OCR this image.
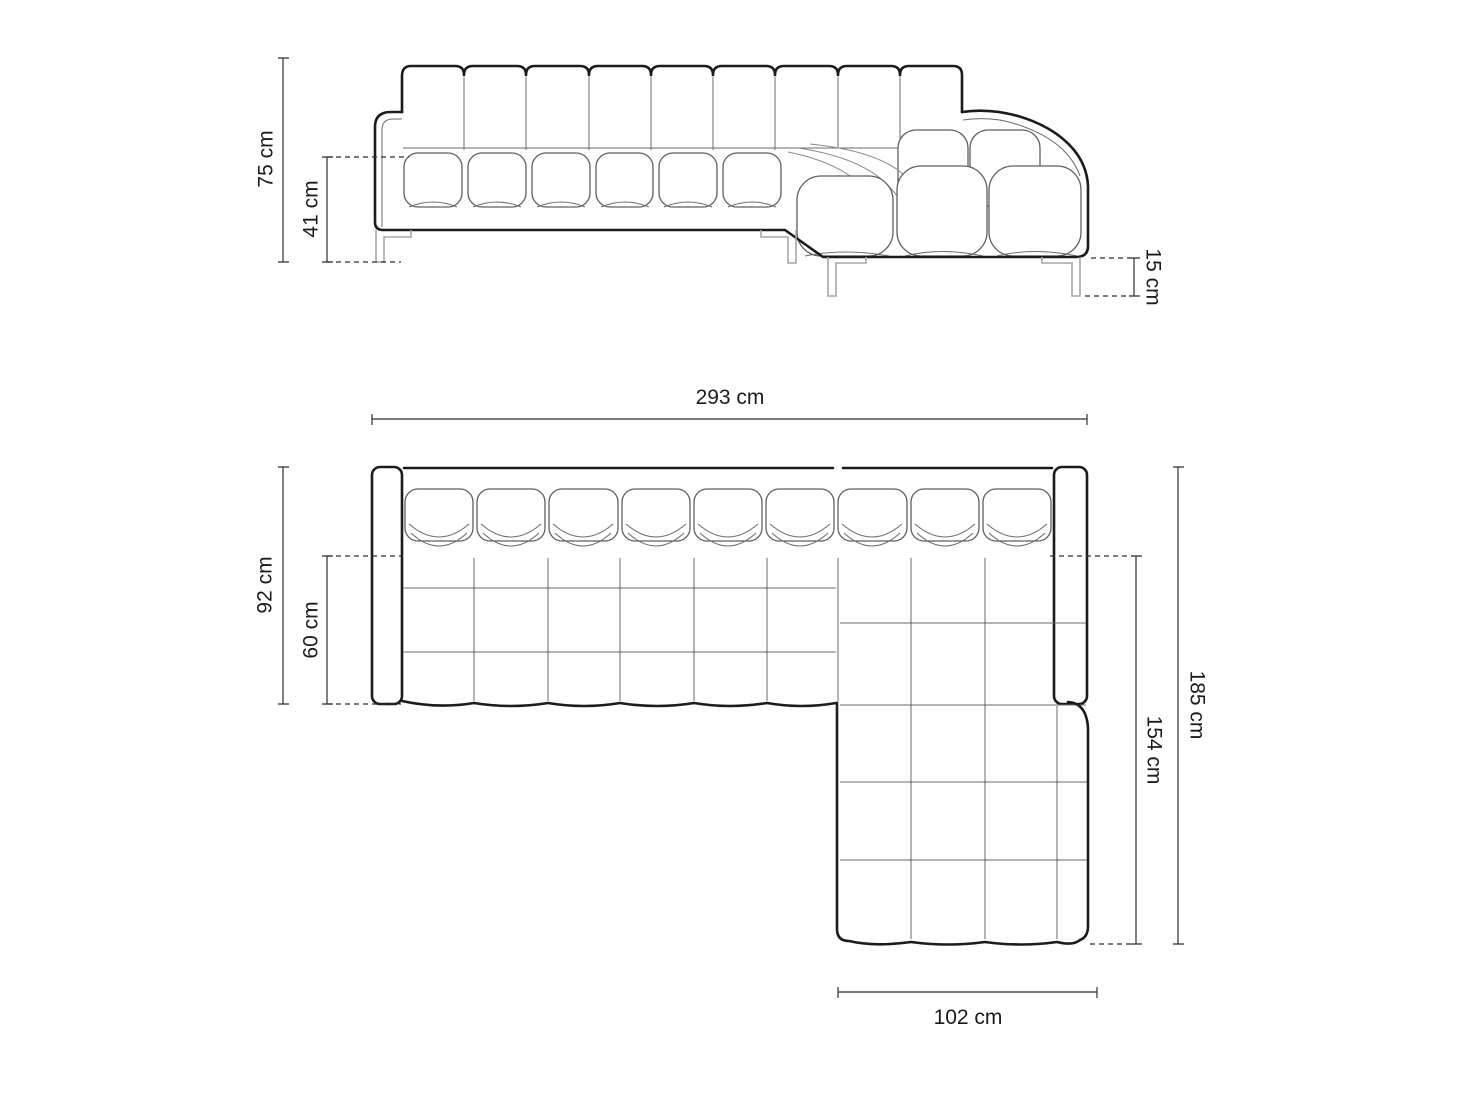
75 cm
41 cm
15 cm
293 cm
92 cm
60 cm
185 cm
154 cm
102 cm
